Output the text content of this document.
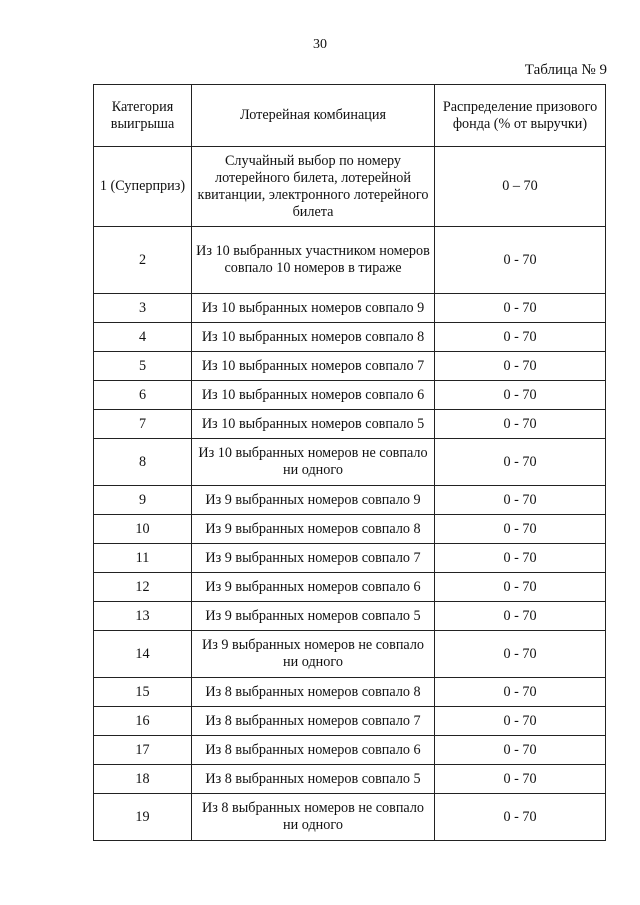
30
Таблица № 9
Категория выигрыша	Лотерейная комбинация	Распределение призового фонда (% от выручки)
1 (Суперприз)	Случайный выбор по номеру лотерейного билета, лотерейной квитанции, электронного лотерейного билета	0 – 70
2	Из 10 выбранных участником номеров совпало 10 номеров в тираже	0 - 70
3	Из 10 выбранных номеров совпало 9	0 - 70
4	Из 10 выбранных номеров совпало 8	0 - 70
5	Из 10 выбранных номеров совпало 7	0 - 70
6	Из 10 выбранных номеров совпало 6	0 - 70
7	Из 10 выбранных номеров совпало 5	0 - 70
8	Из 10 выбранных номеров не совпало ни одного	0 - 70
9	Из 9 выбранных номеров совпало 9	0 - 70
10	Из 9 выбранных номеров совпало 8	0 - 70
11	Из 9 выбранных номеров совпало 7	0 - 70
12	Из 9 выбранных номеров совпало 6	0 - 70
13	Из 9 выбранных номеров совпало 5	0 - 70
14	Из 9 выбранных номеров не совпало ни одного	0 - 70
15	Из 8 выбранных номеров совпало 8	0 - 70
16	Из 8 выбранных номеров совпало 7	0 - 70
17	Из 8 выбранных номеров совпало 6	0 - 70
18	Из 8 выбранных номеров совпало 5	0 - 70
19	Из 8 выбранных номеров не совпало ни одного	0 - 70
